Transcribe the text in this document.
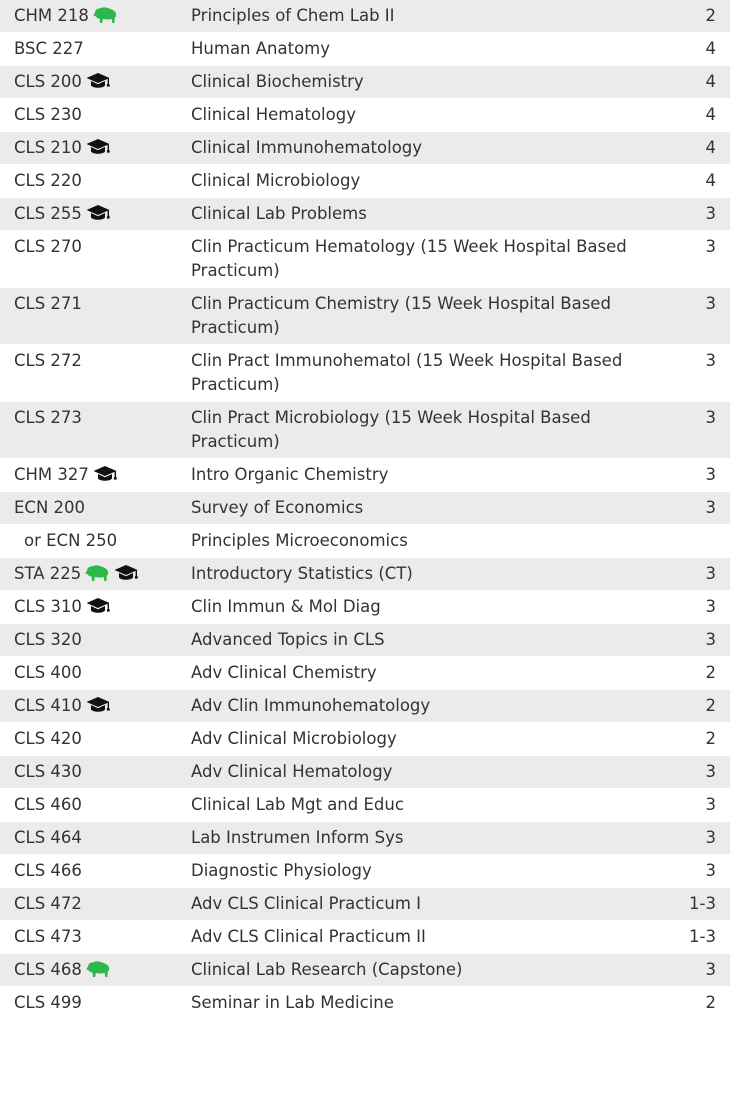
CHM 218	Principles of Chem Lab II	2
BSC 227	Human Anatomy	4
CLS 200	Clinical Biochemistry	4
CLS 230	Clinical Hematology	4
CLS 210	Clinical Immunohematology	4
CLS 220	Clinical Microbiology	4
CLS 255	Clinical Lab Problems	3
CLS 270	Clin Practicum Hematology (15 Week Hospital Based Practicum)	3
CLS 271	Clin Practicum Chemistry (15 Week Hospital Based Practicum)	3
CLS 272	Clin Pract Immunohematol (15 Week Hospital Based Practicum)	3
CLS 273	Clin Pract Microbiology (15 Week Hospital Based Practicum)	3
CHM 327	Intro Organic Chemistry	3
ECN 200	Survey of Economics	3
or ECN 250	Principles Microeconomics	
STA 225	Introductory Statistics (CT)	3
CLS 310	Clin Immun & Mol Diag	3
CLS 320	Advanced Topics in CLS	3
CLS 400	Adv Clinical Chemistry	2
CLS 410	Adv Clin Immunohematology	2
CLS 420	Adv Clinical Microbiology	2
CLS 430	Adv Clinical Hematology	3
CLS 460	Clinical Lab Mgt and Educ	3
CLS 464	Lab Instrumen Inform Sys	3
CLS 466	Diagnostic Physiology	3
CLS 472	Adv CLS Clinical Practicum I	1-3
CLS 473	Adv CLS Clinical Practicum II	1-3
CLS 468	Clinical Lab Research (Capstone)	3
CLS 499	Seminar in Lab Medicine	2
